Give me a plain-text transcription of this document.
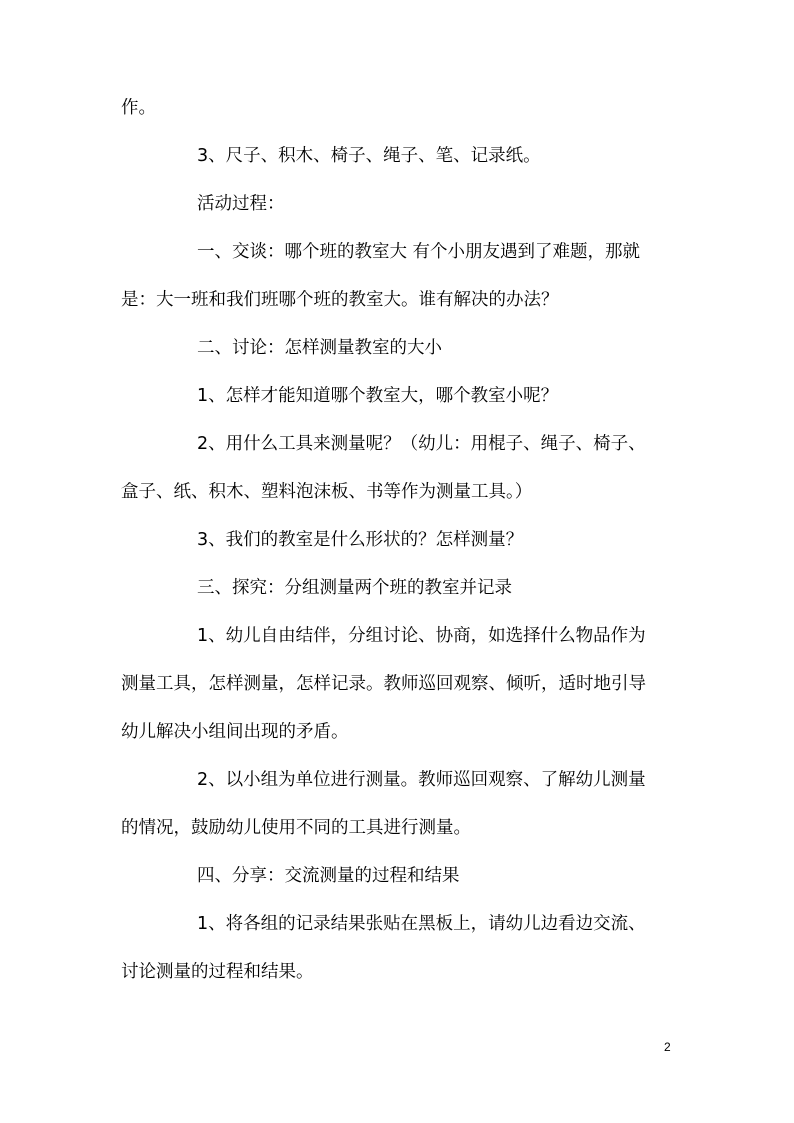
作。

3、尺子、积木、椅子、绳子、笔、记录纸。

活动过程：

一、交谈：哪个班的教室大 有个小朋友遇到了难题，那就

是：大一班和我们班哪个班的教室大。谁有解决的办法？

二、讨论：怎样测量教室的大小

1、怎样才能知道哪个教室大，哪个教室小呢？

2、用什么工具来测量呢？（幼儿：用棍子、绳子、椅子、

盒子、纸、积木、塑料泡沫板、书等作为测量工具。）

3、我们的教室是什么形状的？怎样测量？

三、探究：分组测量两个班的教室并记录

1、幼儿自由结伴，分组讨论、协商，如选择什么物品作为

测量工具，怎样测量，怎样记录。教师巡回观察、倾听，适时地引导

幼儿解决小组间出现的矛盾。

2、以小组为单位进行测量。教师巡回观察、了解幼儿测量

的情况，鼓励幼儿使用不同的工具进行测量。

四、分享：交流测量的过程和结果

1、将各组的记录结果张贴在黑板上，请幼儿边看边交流、

讨论测量的过程和结果。

2
